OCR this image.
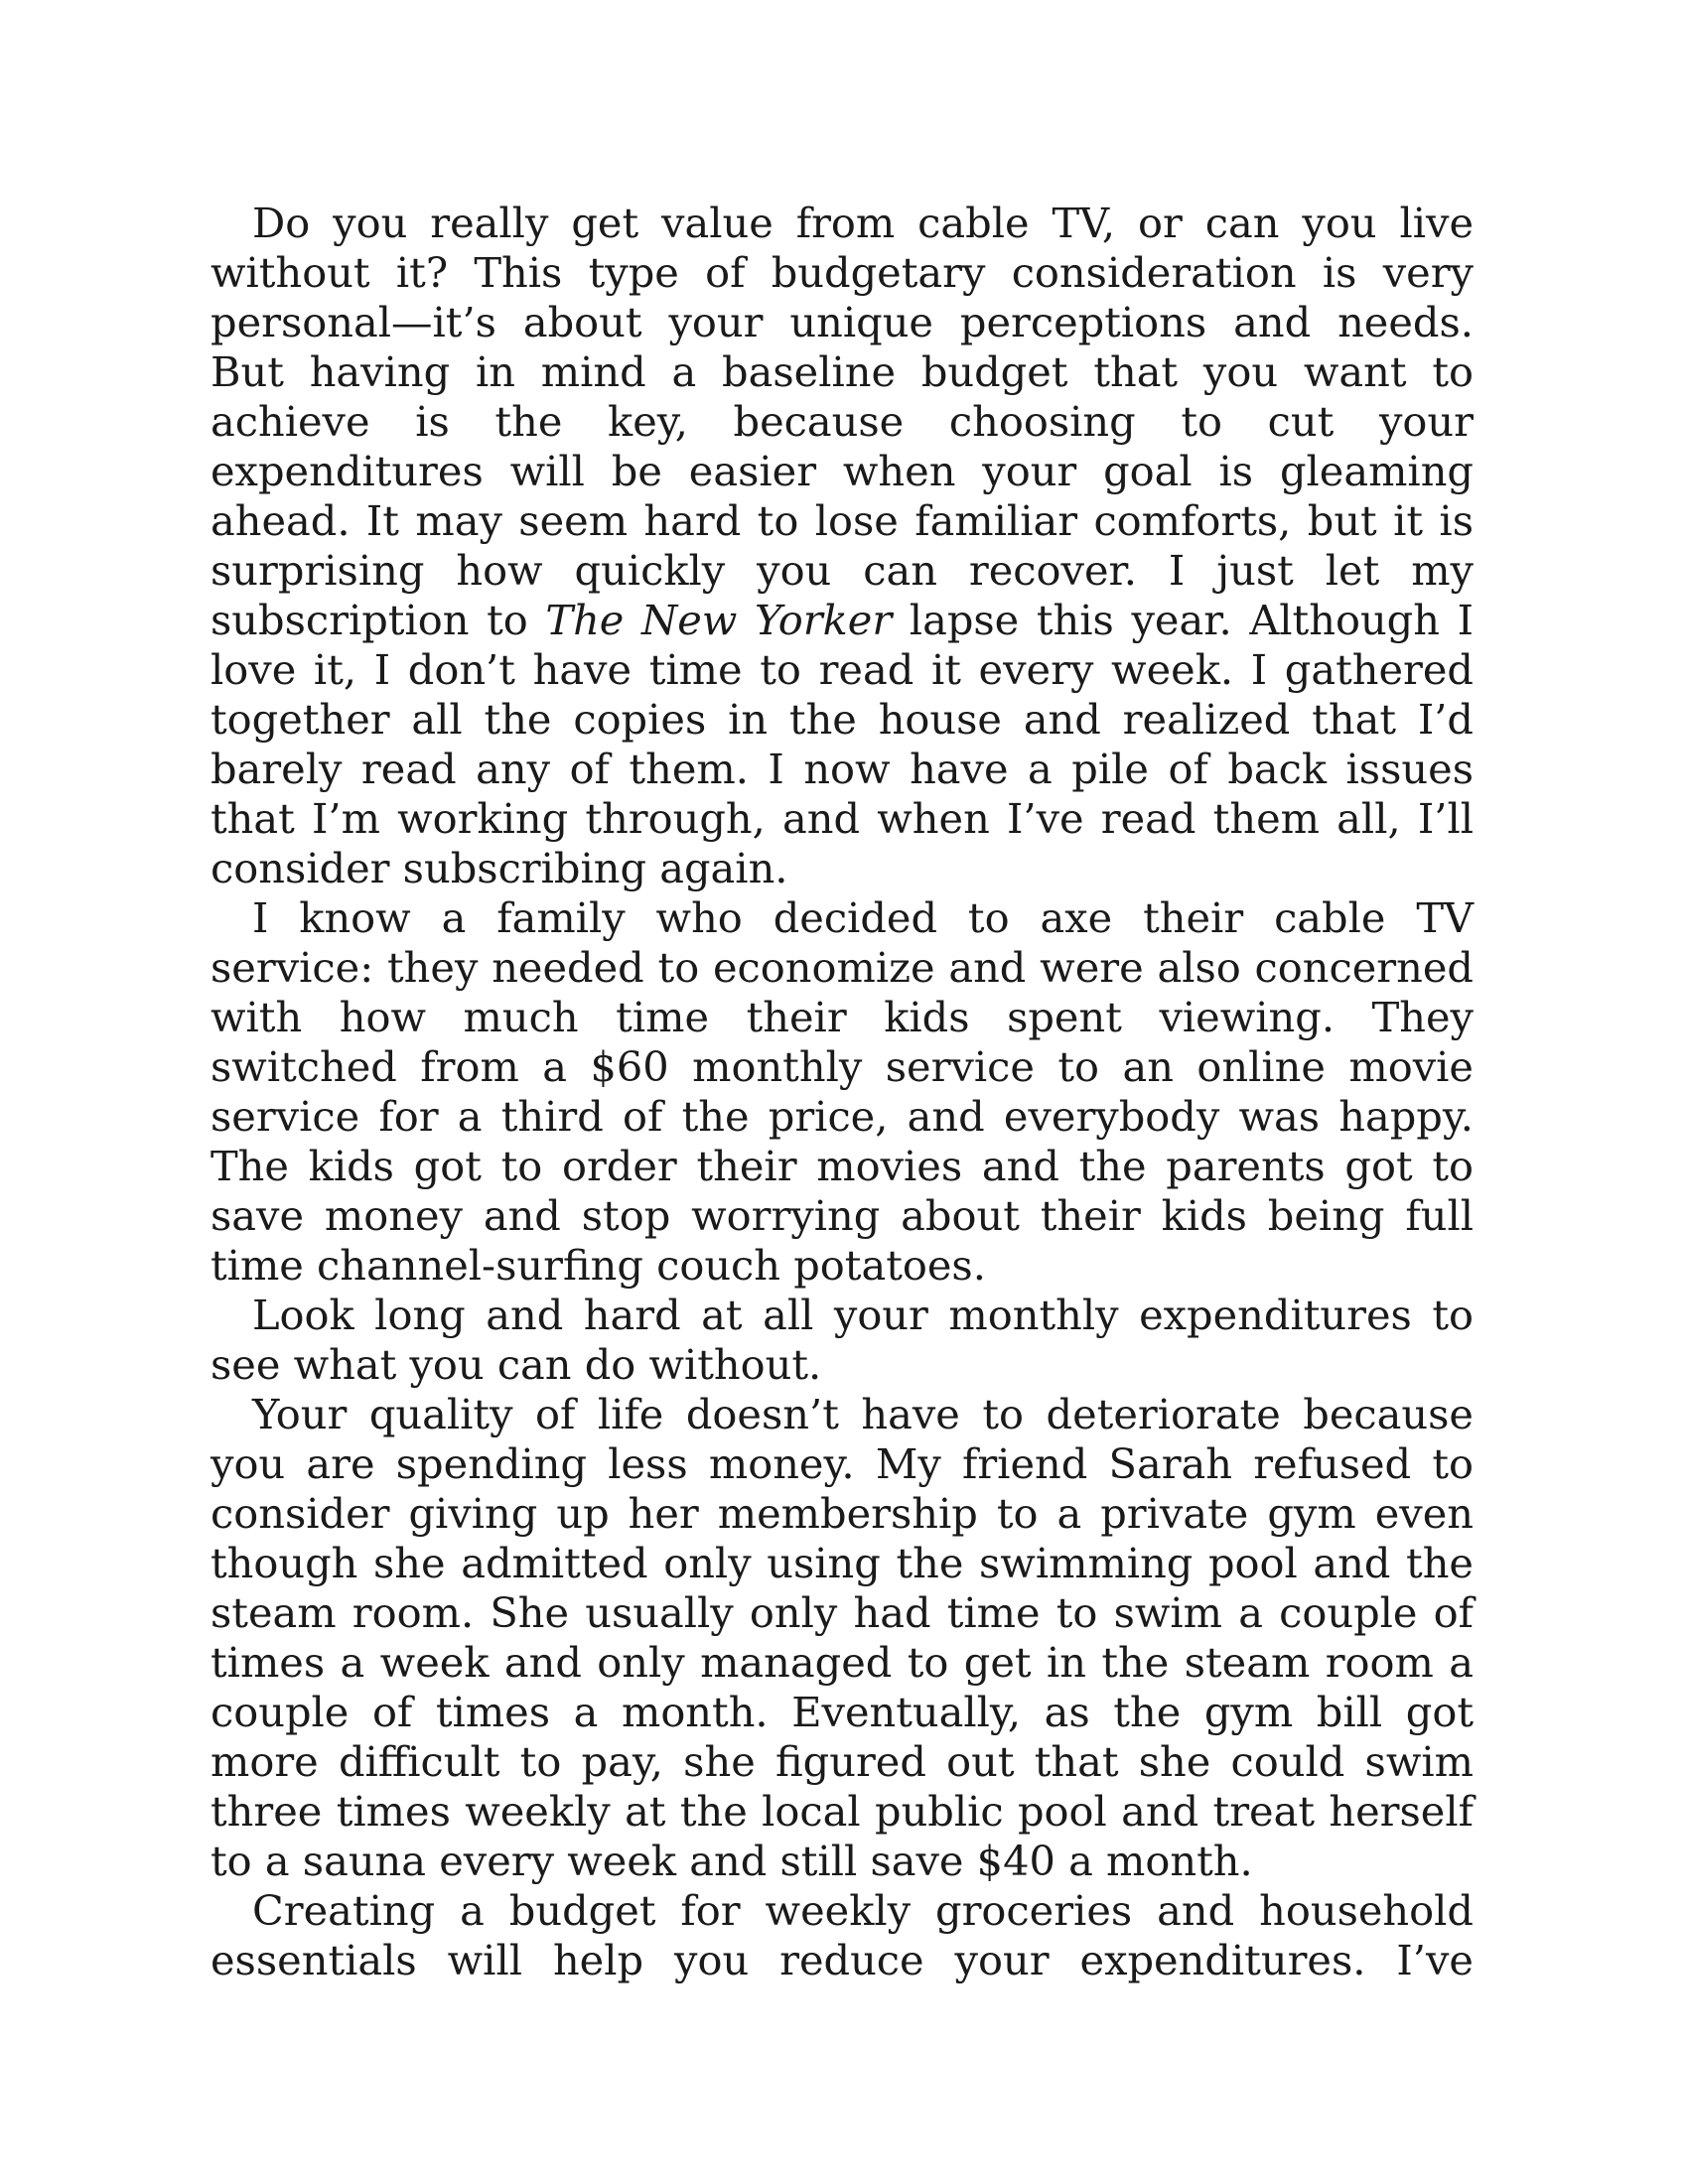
Do you really get value from cable TV, or can you live without it? This type of budgetary consideration is very personal—it’s about your unique perceptions and needs. But having in mind a baseline budget that you want to achieve is the key, because choosing to cut your expenditures will be easier when your goal is gleaming ahead. It may seem hard to lose familiar comforts, but it is surprising how quickly you can recover. I just let my subscription to The New Yorker lapse this year. Although I love it, I don’t have time to read it every week. I gathered together all the copies in the house and realized that I’d barely read any of them. I now have a pile of back issues that I’m working through, and when I’ve read them all, I’ll consider subscribing again.

I know a family who decided to axe their cable TV service: they needed to economize and were also concerned with how much time their kids spent viewing. They switched from a $60 monthly service to an online movie service for a third of the price, and everybody was happy. The kids got to order their movies and the parents got to save money and stop worrying about their kids being full time channel-surfing couch potatoes.

Look long and hard at all your monthly expenditures to see what you can do without.

Your quality of life doesn’t have to deteriorate because you are spending less money. My friend Sarah refused to consider giving up her membership to a private gym even though she admitted only using the swimming pool and the steam room. She usually only had time to swim a couple of times a week and only managed to get in the steam room a couple of times a month. Eventually, as the gym bill got more difficult to pay, she figured out that she could swim three times weekly at the local public pool and treat herself to a sauna every week and still save $40 a month.

Creating a budget for weekly groceries and household essentials will help you reduce your expenditures. I’ve
